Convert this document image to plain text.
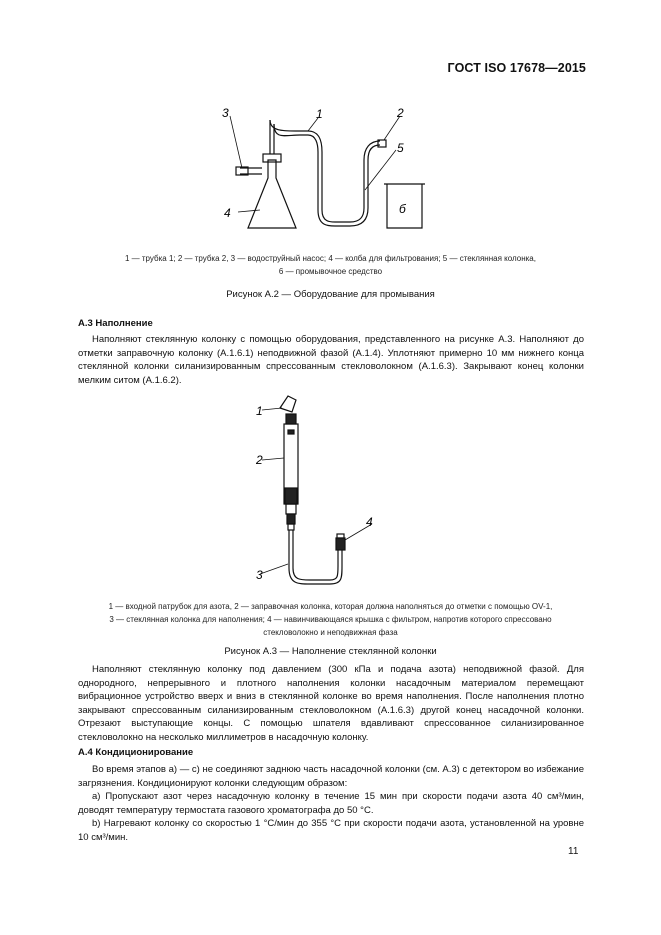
ГОСТ ISO 17678—2015
3	1	2
5
4	б
1 — трубка 1; 2 — трубка 2, 3 — водоструйный насос; 4 — колба для фильтрования; 5 — стеклянная колонка,
6 — промывочное средство
Рисунок А.2 — Оборудование для промывания
А.3 Наполнение

Наполняют стеклянную колонку с помощью оборудования, представленного на рисунке А.3. Наполняют до отметки заправочную колонку (А.1.6.1) неподвижной фазой (А.1.4). Уплотняют примерно 10 мм нижнего конца стеклянной колонки силанизированным спрессованным стекловолокном (А.1.6.3). Закрывают конец колонки мелким ситом (А.1.6.2).

1
2
3
4
1 — входной патрубок для азота, 2 — заправочная колонка, которая должна наполняться до отметки с помощью OV-1,
3 — стеклянная колонка для наполнения; 4 — навинчивающаяся крышка с фильтром, напротив которого спрессовано
стекловолокно и неподвижная фаза
Рисунок А.3 — Наполнение стеклянной колонки

Наполняют стеклянную колонку под давлением (300 кПа и подача азота) неподвижной фазой. Для однородного, непрерывного и плотного наполнения колонки насадочным материалом перемещают вибрационное устройство вверх и вниз в стеклянной колонке во время наполнения. После наполнения плотно закрывают спрессованным силанизированным стекловолокном (А.1.6.3) другой конец насадочной колонки. Отрезают выступающие концы. С помощью шпателя вдавливают спрессованное силанизированное стекловолокно на несколько миллиметров в насадочную колонку.

А.4 Кондиционирование

Во время этапов а) — с) не соединяют заднюю часть насадочной колонки (см. А.3) с детектором во избежание загрязнения. Кондиционируют колонки следующим образом:

а) Пропускают азот через насадочную колонку в течение 15 мин при скорости подачи азота 40 см³/мин, доводят температуру термостата газового хроматографа до 50 °С.

b) Нагревают колонку со скоростью 1 °С/мин до 355 °С при скорости подачи азота, установленной на уровне 10 см³/мин.

11
